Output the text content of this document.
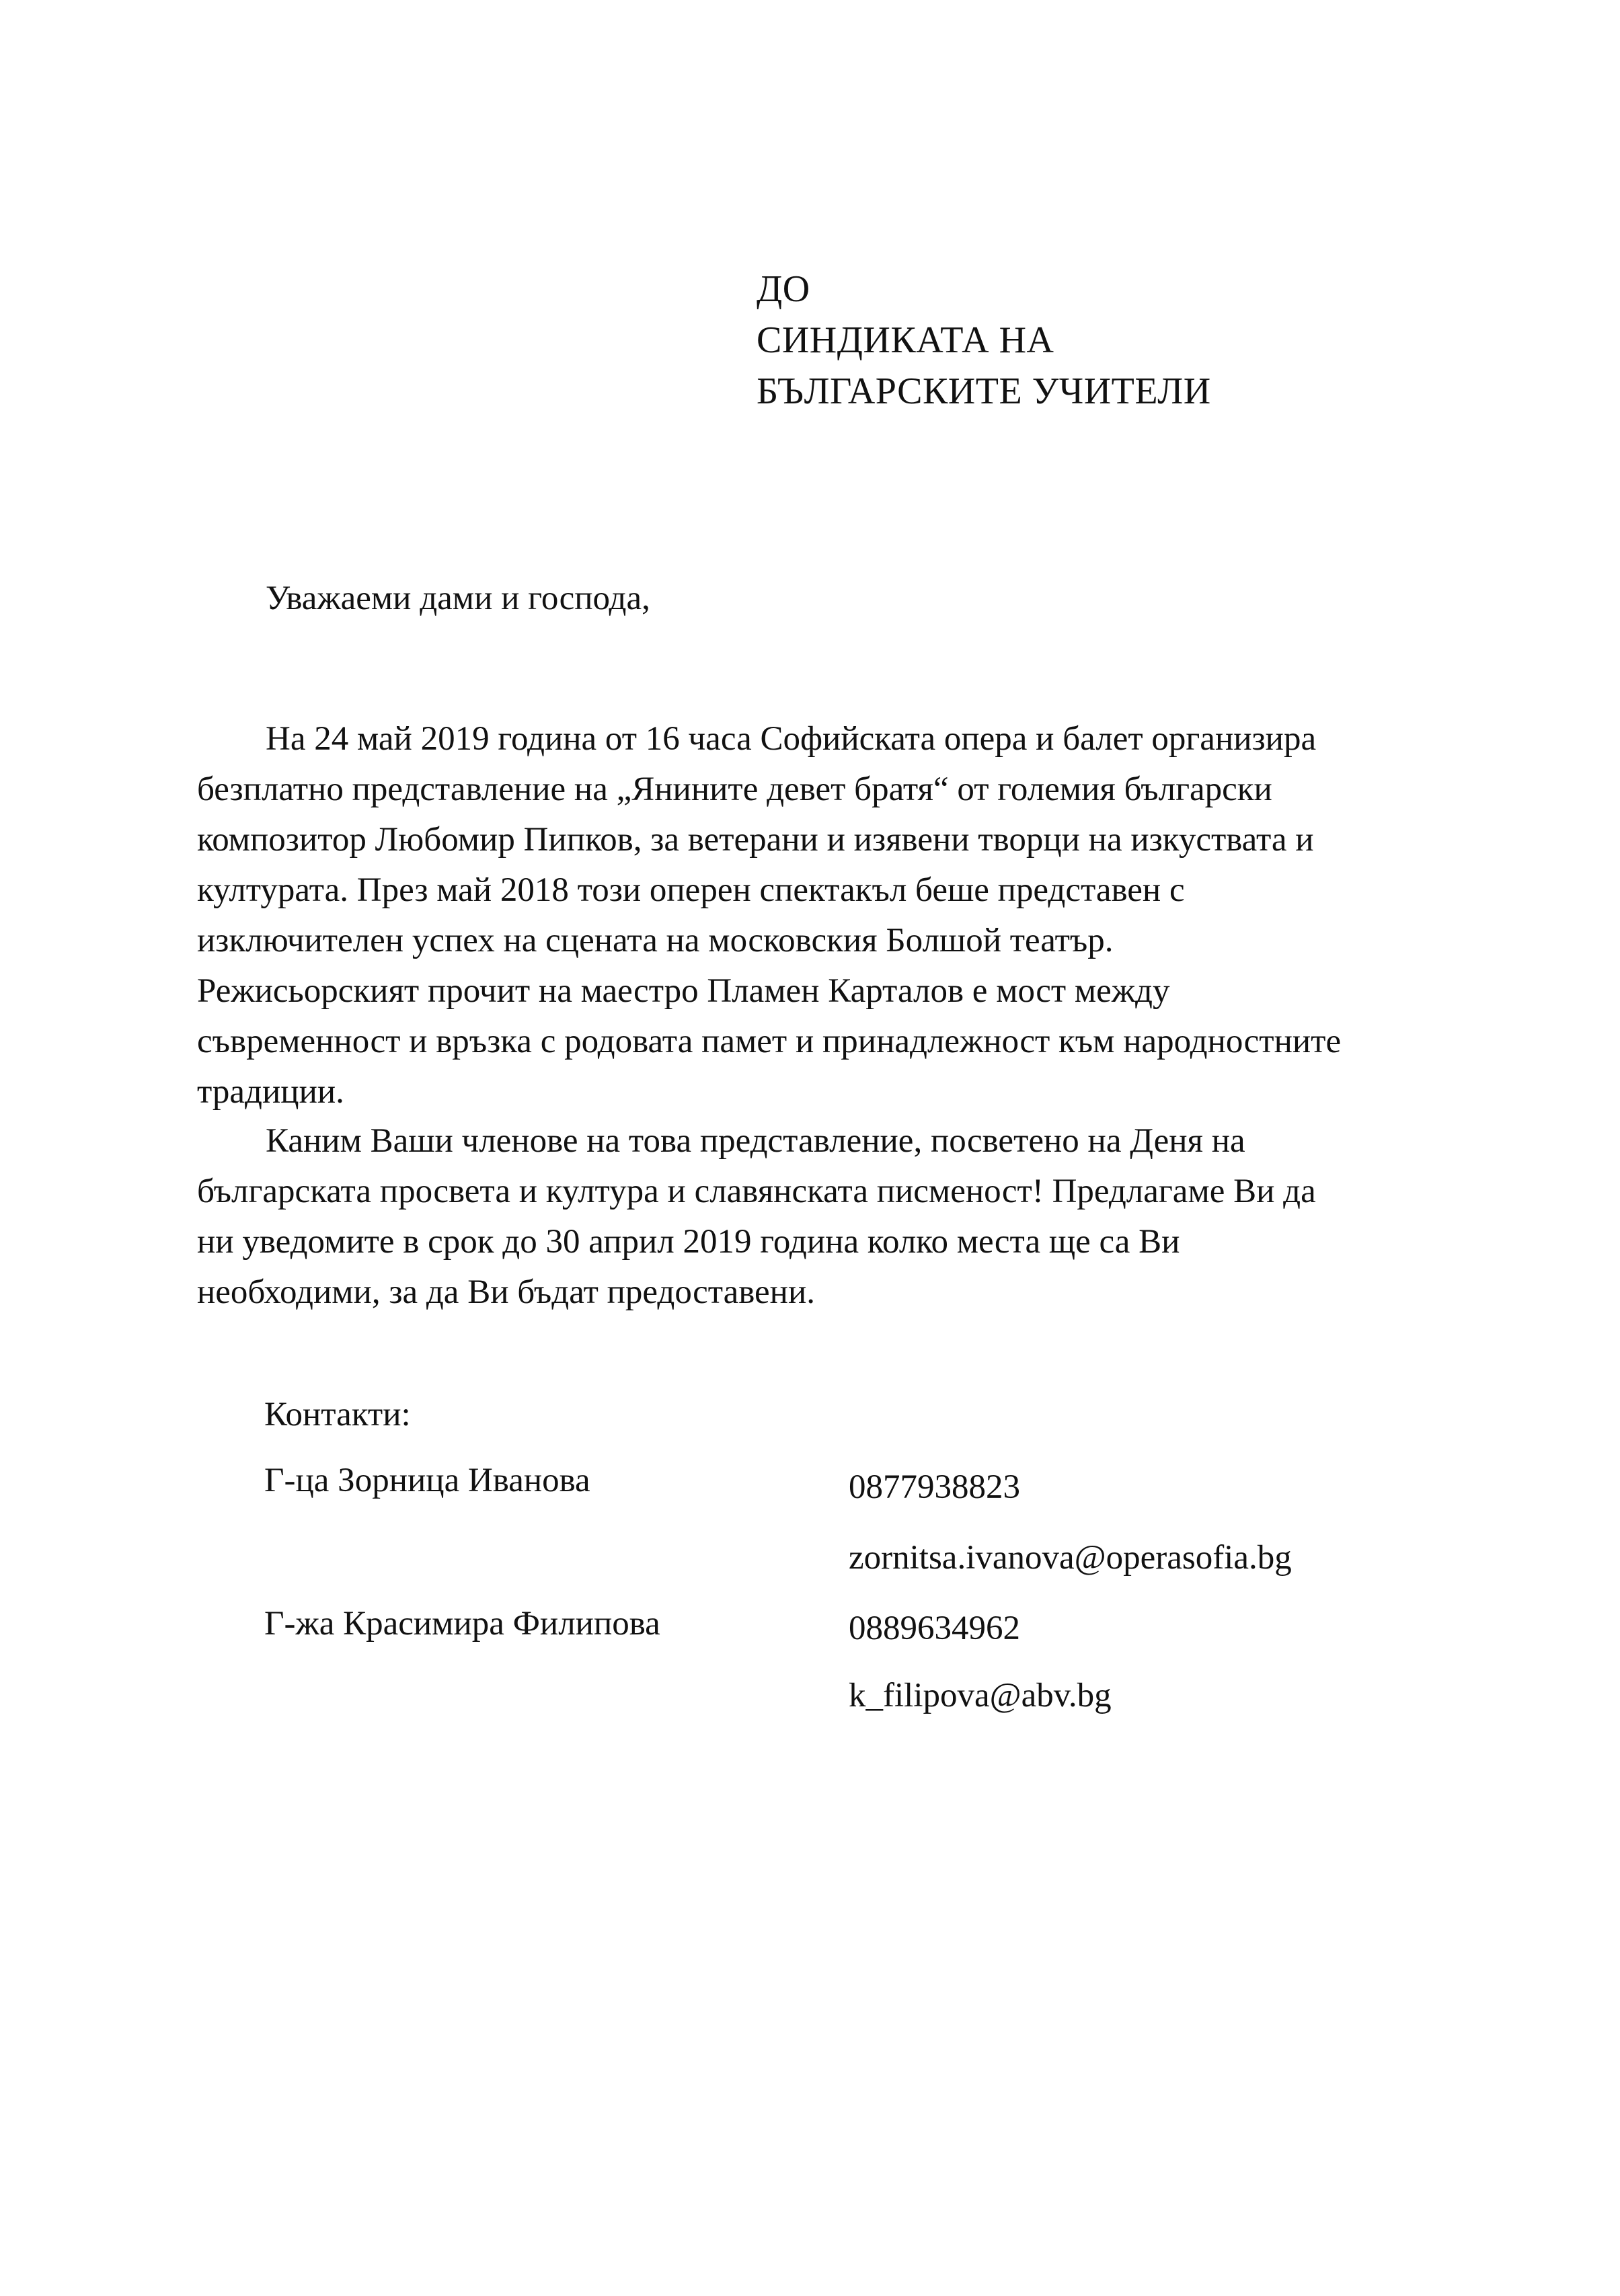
ДО
СИНДИКАТА НА
БЪЛГАРСКИТЕ УЧИТЕЛИ
Уважаеми дами и господа,
На 24 май 2019 година от 16 часа Софийската опера и балет организира
безплатно представление на „Янините девет братя“ от големия български
композитор Любомир Пипков, за ветерани и изявени творци на изкуствата и
културата. През май 2018 този оперен спектакъл беше представен с
изключителен успех на сцената на московския Болшой театър.
Режисьорският прочит на маестро Пламен Карталов е мост между
съвременност и връзка с родовата памет и принадлежност към народностните
традиции.
Каним Ваши членове на това представление, посветено на Деня на
българската просвета и култура и славянската писменост! Предлагаме Ви да
ни уведомите в срок до 30 април 2019 година колко места ще са Ви
необходими, за да Ви бъдат предоставени.
Контакти:
Г-ца Зорница Иванова	0877938823
zornitsa.ivanova@operasofia.bg
Г-жа Красимира Филипова	0889634962
k_filipova@abv.bg
